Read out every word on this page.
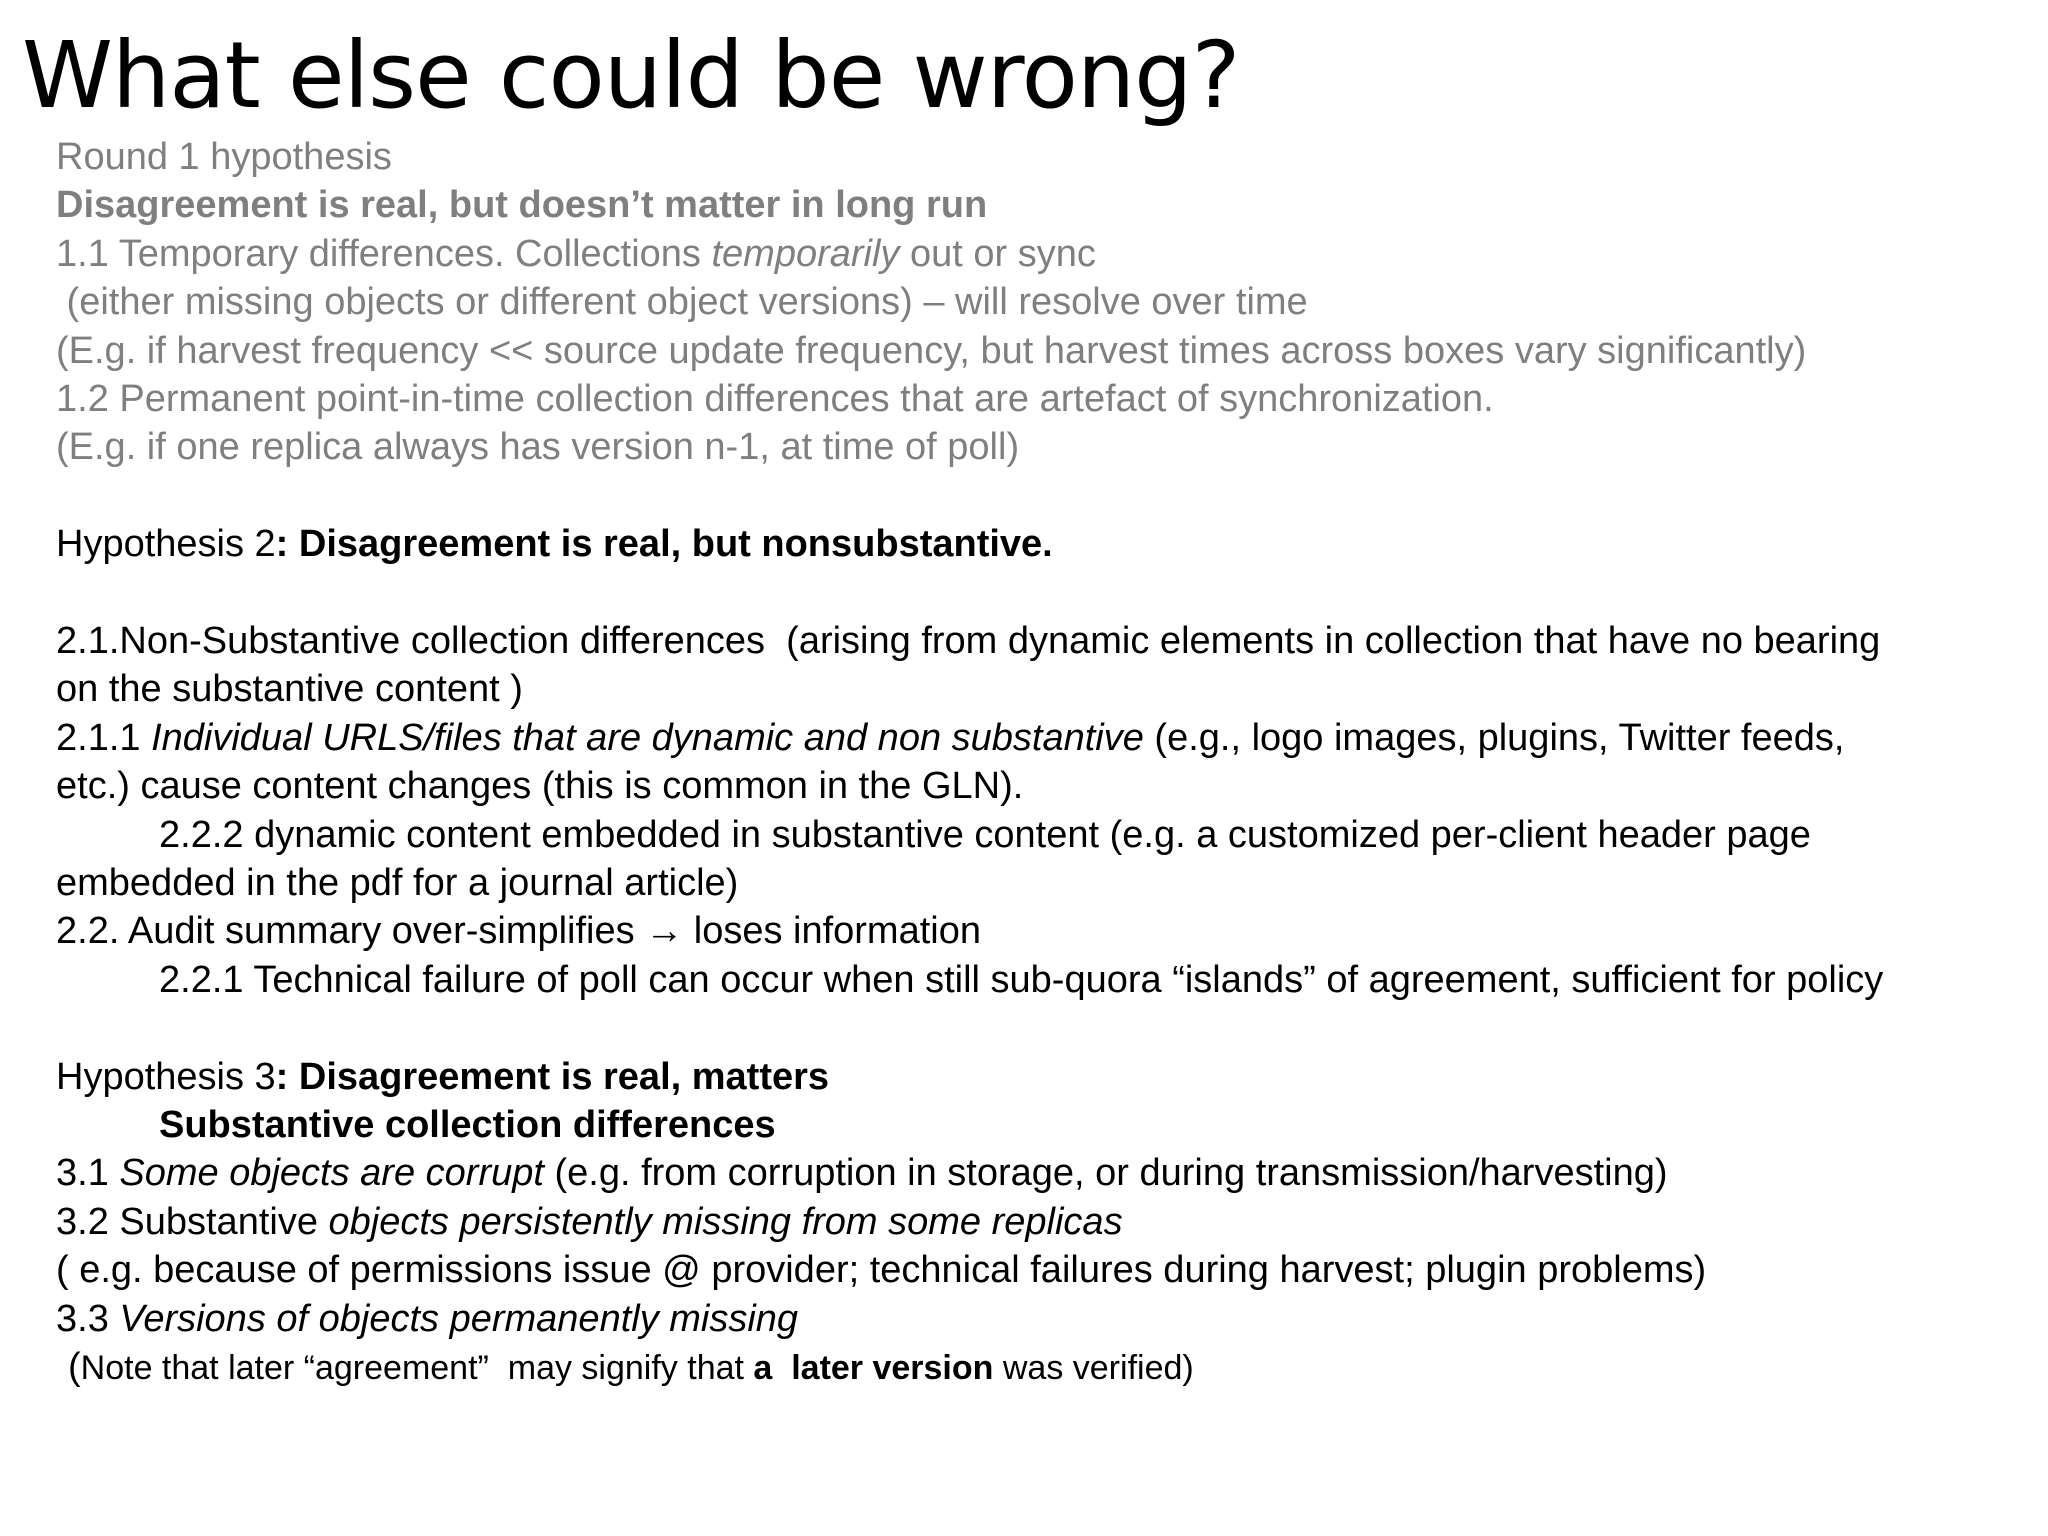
What else could be wrong?
Round 1 hypothesis
Disagreement is real, but doesn’t matter in long run
1.1 Temporary differences. Collections temporarily out or sync
(either missing objects or different object versions) – will resolve over time
(E.g. if harvest frequency << source update frequency, but harvest times across boxes vary significantly)
1.2 Permanent point-in-time collection differences that are artefact of synchronization.
(E.g. if one replica always has version n-1, at time of poll)
Hypothesis 2: Disagreement is real, but nonsubstantive.
2.1.Non-Substantive collection differences  (arising from dynamic elements in collection that have no bearing
on the substantive content )
2.1.1 Individual URLS/files that are dynamic and non substantive (e.g., logo images, plugins, Twitter feeds,
etc.) cause content changes (this is common in the GLN).
2.2.2 dynamic content embedded in substantive content (e.g. a customized per-client header page
embedded in the pdf for a journal article)
2.2. Audit summary over-simplifies → loses information
2.2.1 Technical failure of poll can occur when still sub-quora “islands” of agreement, sufficient for policy
Hypothesis 3: Disagreement is real, matters
Substantive collection differences
3.1 Some objects are corrupt (e.g. from corruption in storage, or during transmission/harvesting)
3.2 Substantive objects persistently missing from some replicas
( e.g. because of permissions issue @ provider; technical failures during harvest; plugin problems)
3.3 Versions of objects permanently missing
(Note that later “agreement”  may signify that a  later version was verified)
